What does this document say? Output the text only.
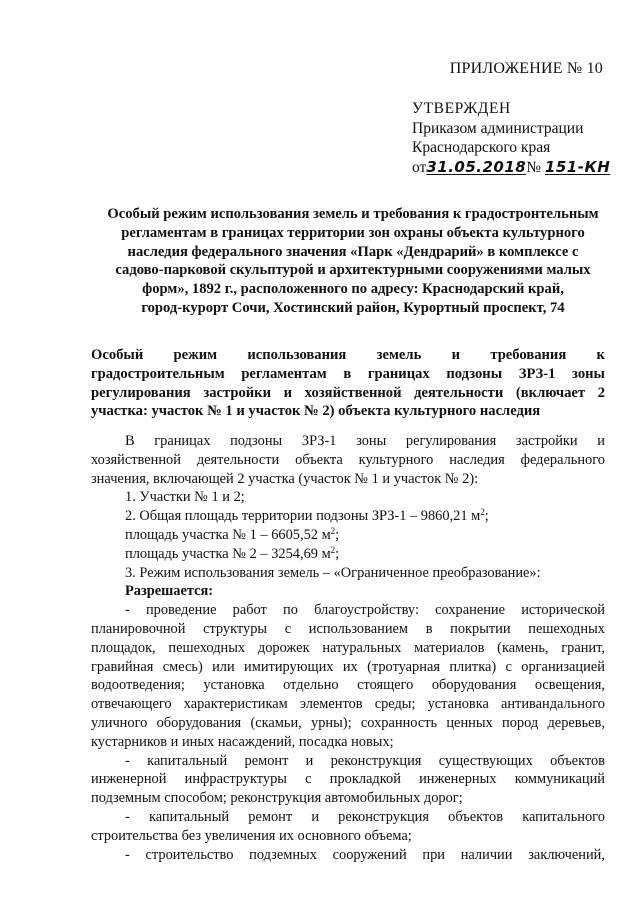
ПРИЛОЖЕНИЕ № 10
УТВЕРЖДЕН
Приказом администрации
Краснодарского края
от31.05.2018№ 151-КН
Особый режим использования земель и требования к градостронтельным
регламентам в границах территории зон охраны объекта культурного
наследия федерального значения «Парк «Дендрарий» в комплексе с
садово-парковой скульптурой и архитектурными сооружениями малых
форм», 1892 г., расположенного по адресу: Краснодарский край,
город-курорт Сочи, Хостинский район, Курортный проспект, 74
Особый режим использования земель и требования к
градостроительным регламентам в границах подзоны ЗРЗ-1 зоны
регулирования застройки и хозяйственной деятельности (включает 2
участка: участок № 1 и участок № 2) объекта культурного наследия
В границах подзоны ЗРЗ-1 зоны регулирования застройки и
хозяйственной деятельности объекта культурного наследия федерального
значения, включающей 2 участка (участок № 1 и участок № 2):
1. Участки № 1 и 2;
2. Общая площадь территории подзоны ЗРЗ-1 – 9860,21 $м^2$;
площадь участка № 1 – 6605,52 $м^2$;
площадь участка № 2 – 3254,69 $м^2$;
3. Режим использования земель – «Ограниченное преобразование»:
Разрешается:
- проведение работ по благоустройству: сохранение исторической
планировочной структуры с использованием в покрытии пешеходных
площадок, пешеходных дорожек натуральных материалов (камень, гранит,
гравийная смесь) или имитирующих их (тротуарная плитка) с организацией
водоотведения; установка отдельно стоящего оборудования освещения,
отвечающего характеристикам элементов среды; установка антивандального
уличного оборудования (скамьи, урны); сохранность ценных пород деревьев,
кустарников и иных насаждений, посадка новых;
- капитальный ремонт и реконструкция существующих объектов
инженерной инфраструктуры с прокладкой инженерных коммуникаций
подземным способом; реконструкция автомобильных дорог;
- капитальный ремонт и реконструкция объектов капитального
строительства без увеличения их основного объема;
- строительство подземных сооружений при наличии заключений,
